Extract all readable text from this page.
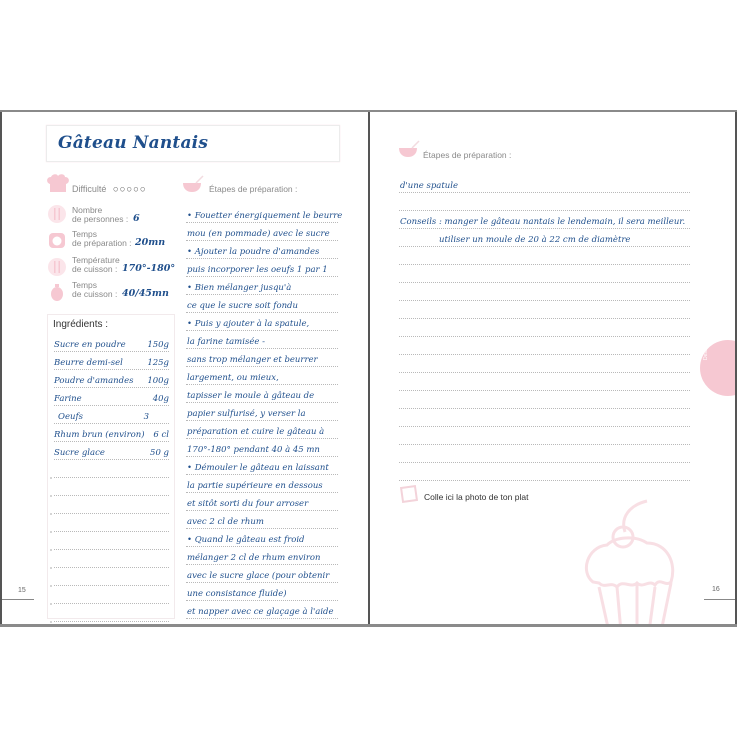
Gâteau Nantais
Difficulté ○○○○○
Nombre
de personnes : 6
Temps
de préparation : 20mn
Température
de cuisson : 170°-180°
Temps
de cuisson : 40/45mn
Ingrédients :
Sucre en poudre	150g
Beurre demi-sel	125g
Poudre d'amandes 100g
Farine	40g
Oeufs	3
Rhum brun (environ) 6 cl
Sucre glace	50 g
Étapes de préparation :
• Fouetter énergiquement le beurre
mou (en pommade) avec le sucre
• Ajouter la poudre d'amandes
puis incorporer les oeufs 1 par 1
• Bien mélanger jusqu'à
ce que le sucre soit fondu
• Puis y ajouter à la spatule,
la farine tamisée -
sans trop mélanger et beurrer
largement, ou mieux,
tapisser le moule à gâteau de
papier sulfurisé, y verser la
préparation et cuire le gâteau à
170°-180° pendant 40 à 45 mn
• Démouler le gâteau en laissant
la partie supérieure en dessous
et sitôt sorti du four arroser
avec 2 cl de rhum
• Quand le gâteau est froid
mélanger 2 cl de rhum environ
avec le sucre glace (pour obtenir
une consistance fluide)
et napper avec ce glaçage à l'aide
15
Étapes de préparation :
d'une spatule
Conseils : manger le gâteau nantais le lendemain, il sera meilleur.
utiliser un moule de 20 à 22 cm de diamètre
Desserts
Colle ici la photo de ton plat
16
